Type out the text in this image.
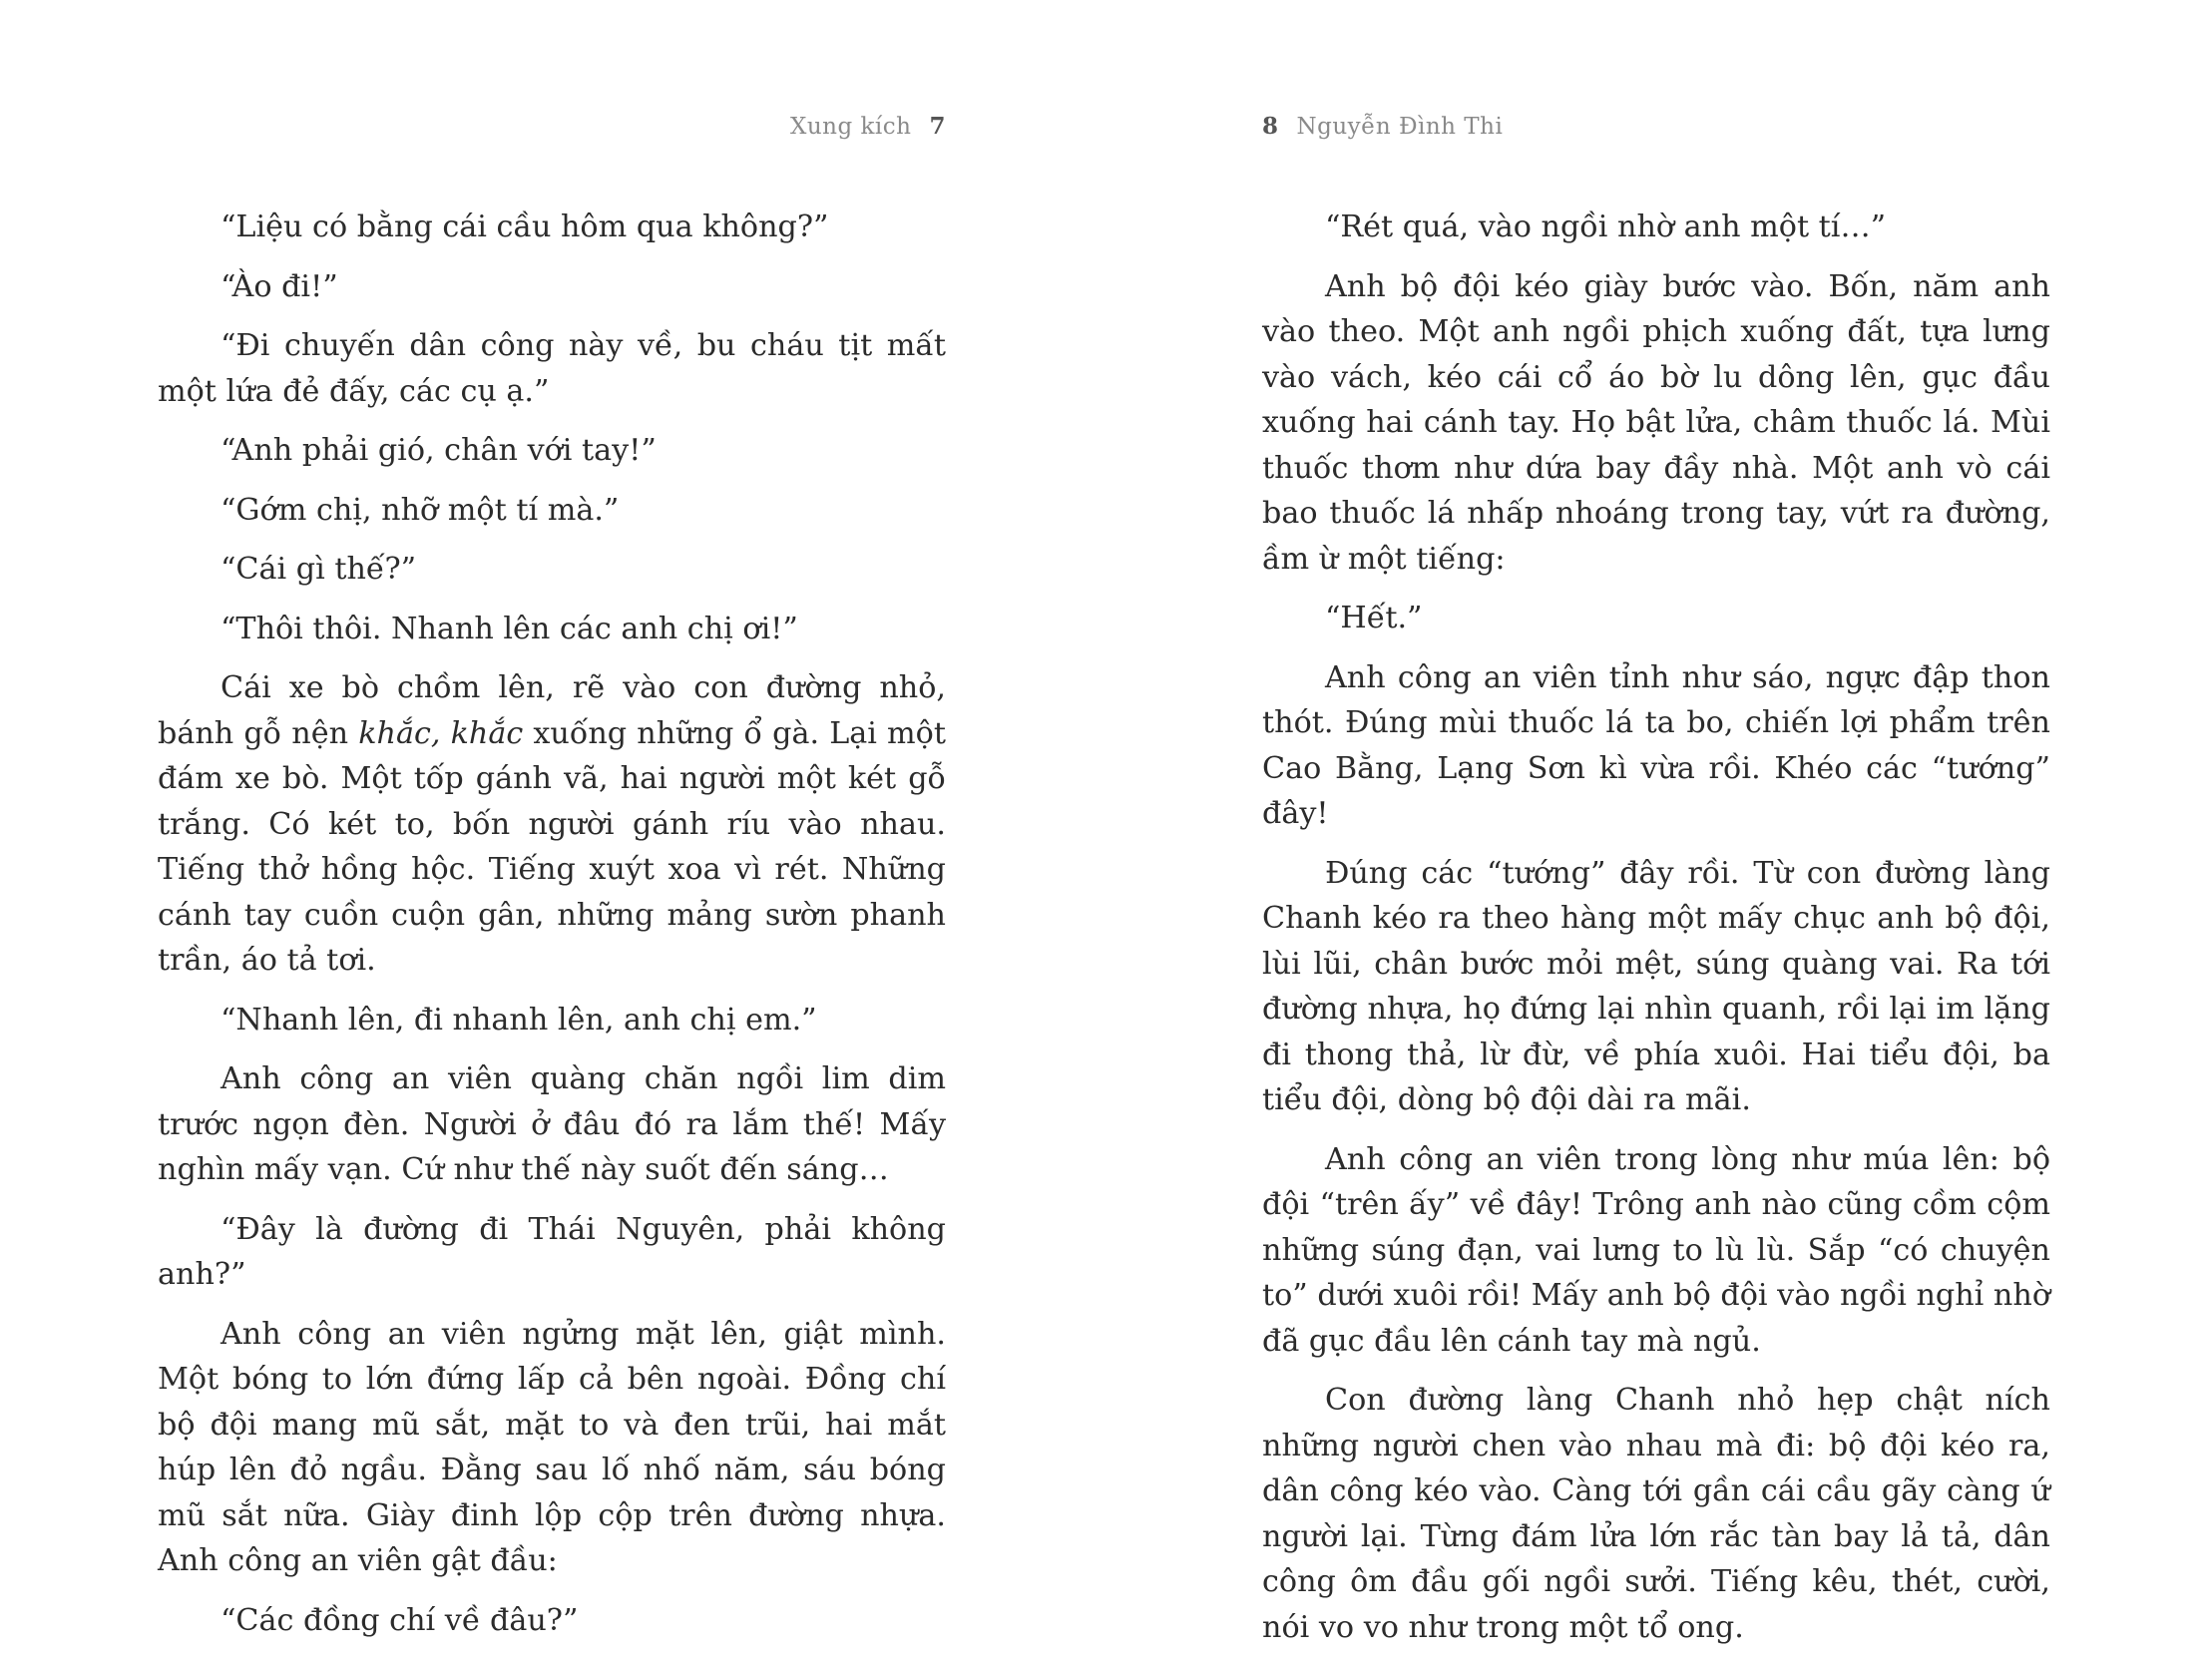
Xung kích 7

“Liệu có bằng cái cầu hôm qua không?”

“Ào đi!”

“Đi chuyến dân công này về, bu cháu tịt mất một lứa đẻ đấy, các cụ ạ.”

“Anh phải gió, chân với tay!”

“Gớm chị, nhỡ một tí mà.”

“Cái gì thế?”

“Thôi thôi. Nhanh lên các anh chị ơi!”

Cái xe bò chồm lên, rẽ vào con đường nhỏ, bánh gỗ nện khắc, khắc xuống những ổ gà. Lại một đám xe bò. Một tốp gánh vã, hai người một két gỗ trắng. Có két to, bốn người gánh ríu vào nhau. Tiếng thở hồng hộc. Tiếng xuýt xoa vì rét. Những cánh tay cuồn cuộn gân, những mảng sườn phanh trần, áo tả tơi.

“Nhanh lên, đi nhanh lên, anh chị em.”

Anh công an viên quàng chăn ngồi lim dim trước ngọn đèn. Người ở đâu đó ra lắm thế! Mấy nghìn mấy vạn. Cứ như thế này suốt đến sáng…

“Đây là đường đi Thái Nguyên, phải không anh?”

Anh công an viên ngửng mặt lên, giật mình. Một bóng to lớn đứng lấp cả bên ngoài. Đồng chí bộ đội mang mũ sắt, mặt to và đen trũi, hai mắt húp lên đỏ ngầu. Đằng sau lố nhố năm, sáu bóng mũ sắt nữa. Giày đinh lộp cộp trên đường nhựa. Anh công an viên gật đầu:

“Các đồng chí về đâu?”

8 Nguyễn Đình Thi

“Rét quá, vào ngồi nhờ anh một tí…”

Anh bộ đội kéo giày bước vào. Bốn, năm anh vào theo. Một anh ngồi phịch xuống đất, tựa lưng vào vách, kéo cái cổ áo bờ lu dông lên, gục đầu xuống hai cánh tay. Họ bật lửa, châm thuốc lá. Mùi thuốc thơm như dứa bay đầy nhà. Một anh vò cái bao thuốc lá nhấp nhoáng trong tay, vứt ra đường, ầm ừ một tiếng:

“Hết.”

Anh công an viên tỉnh như sáo, ngực đập thon thót. Đúng mùi thuốc lá ta bo, chiến lợi phẩm trên Cao Bằng, Lạng Sơn kì vừa rồi. Khéo các “tướng” đây!

Đúng các “tướng” đây rồi. Từ con đường làng Chanh kéo ra theo hàng một mấy chục anh bộ đội, lùi lũi, chân bước mỏi mệt, súng quàng vai. Ra tới đường nhựa, họ đứng lại nhìn quanh, rồi lại im lặng đi thong thả, lừ đừ, về phía xuôi. Hai tiểu đội, ba tiểu đội, dòng bộ đội dài ra mãi.

Anh công an viên trong lòng như múa lên: bộ đội “trên ấy” về đây! Trông anh nào cũng cồm cộm những súng đạn, vai lưng to lù lù. Sắp “có chuyện to” dưới xuôi rồi! Mấy anh bộ đội vào ngồi nghỉ nhờ đã gục đầu lên cánh tay mà ngủ.

Con đường làng Chanh nhỏ hẹp chật ních những người chen vào nhau mà đi: bộ đội kéo ra, dân công kéo vào. Càng tới gần cái cầu gãy càng ứ người lại. Từng đám lửa lớn rắc tàn bay lả tả, dân công ôm đầu gối ngồi sưởi. Tiếng kêu, thét, cười, nói vo vo như trong một tổ ong.
